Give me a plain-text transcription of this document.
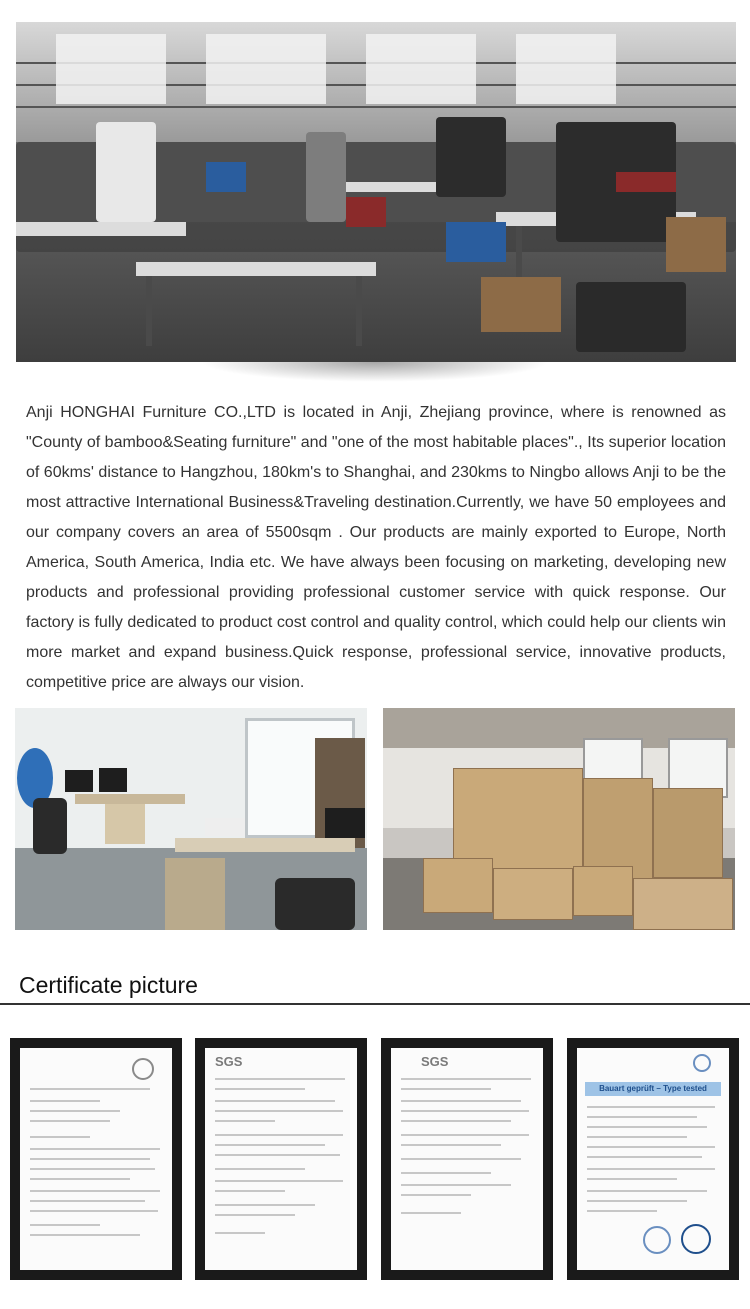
Anji HONGHAI Furniture CO.,LTD is located in Anji, Zhejiang province, where is renowned as "County of bamboo&Seating furniture" and "one of the most habitable places"., Its superior location of 60kms' distance to Hangzhou, 180km's to Shanghai, and 230kms to Ningbo allows Anji to be the most attractive International Business&Traveling destination.Currently, we have 50 employees and our company covers an area of 5500sqm . Our products are mainly exported to Europe, North America, South America, India etc. We have always been focusing on marketing, developing new products and professional providing professional customer service with quick response. Our factory is fully dedicated to product cost control and quality control, which could help our clients win more market and expand business.Quick response, professional service, innovative products, competitive price are always our vision.

Certificate picture
SGS	SGS
Bauart geprüft – Type tested
